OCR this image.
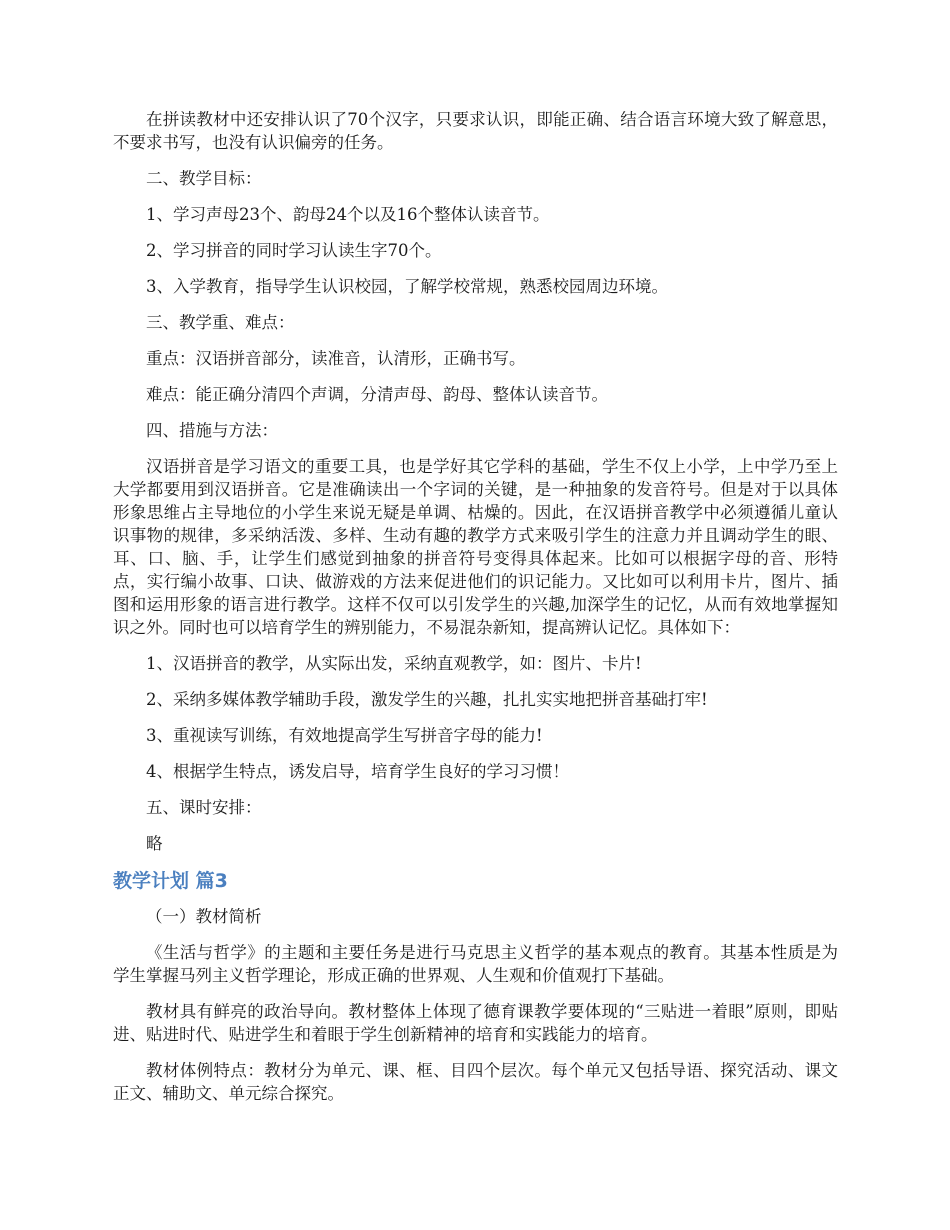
在拼读教材中还安排认识了70个汉字，只要求认识，即能正确、结合语言环境大致了解意思，不要求书写，也没有认识偏旁的任务。

二、教学目标：

1、学习声母23个、韵母24个以及16个整体认读音节。

2、学习拼音的同时学习认读生字70个。

3、入学教育，指导学生认识校园，了解学校常规，熟悉校园周边环境。

三、教学重、难点：

重点：汉语拼音部分，读准音，认清形，正确书写。

难点：能正确分清四个声调，分清声母、韵母、整体认读音节。

四、措施与方法：

汉语拼音是学习语文的重要工具，也是学好其它学科的基础，学生不仅上小学，上中学乃至上大学都要用到汉语拼音。它是准确读出一个字词的关键，是一种抽象的发音符号。但是对于以具体形象思维占主导地位的小学生来说无疑是单调、枯燥的。因此，在汉语拼音教学中必须遵循儿童认识事物的规律，多采纳活泼、多样、生动有趣的教学方式来吸引学生的注意力并且调动学生的眼、耳、口、脑、手，让学生们感觉到抽象的拼音符号变得具体起来。比如可以根据字母的音、形特点，实行编小故事、口诀、做游戏的方法来促进他们的识记能力。又比如可以利用卡片，图片、插图和运用形象的语言进行教学。这样不仅可以引发学生的兴趣,加深学生的记忆，从而有效地掌握知识之外。同时也可以培育学生的辨别能力，不易混杂新知，提高辨认记忆。具体如下：

1、汉语拼音的教学，从实际出发，采纳直观教学，如：图片、卡片!

2、采纳多媒体教学辅助手段，激发学生的兴趣，扎扎实实地把拼音基础打牢!

3、重视读写训练，有效地提高学生写拼音字母的能力!

4、根据学生特点，诱发启导，培育学生良好的学习习惯！

五、课时安排：

略

教学计划 篇3

（一）教材简析

《生活与哲学》的主题和主要任务是进行马克思主义哲学的基本观点的教育。其基本性质是为学生掌握马列主义哲学理论，形成正确的世界观、人生观和价值观打下基础。

教材具有鲜亮的政治导向。教材整体上体现了德育课教学要体现的“三贴进一着眼”原则，即贴进、贴进时代、贴进学生和着眼于学生创新精神的培育和实践能力的培育。

教材体例特点：教材分为单元、课、框、目四个层次。每个单元又包括导语、探究活动、课文正文、辅助文、单元综合探究。
